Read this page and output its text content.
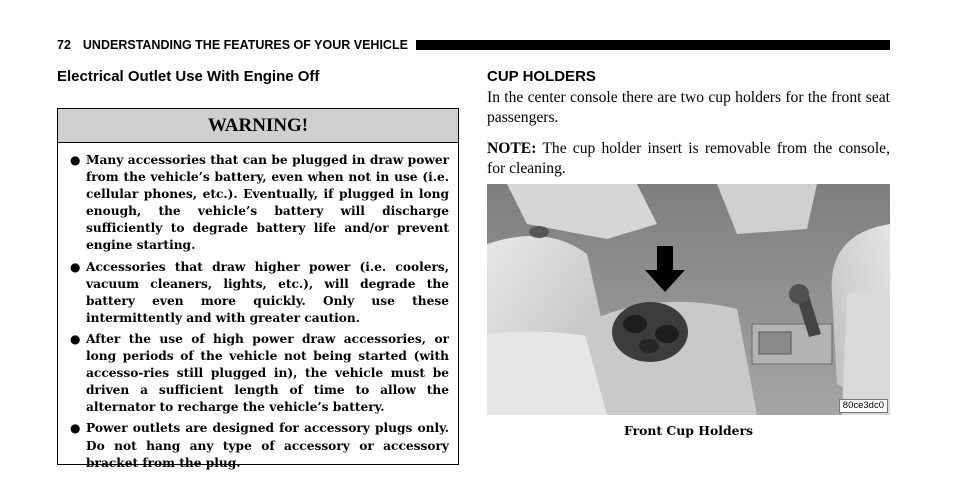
72 UNDERSTANDING THE FEATURES OF YOUR VEHICLE
Electrical Outlet Use With Engine Off
WARNING!
● Many accessories that can be plugged in draw power from the vehicle’s battery, even when not in use (i.e. cellular phones, etc.). Eventually, if plugged in long enough, the vehicle’s battery will discharge sufficiently to degrade battery life and/or prevent engine starting.
● Accessories that draw higher power (i.e. coolers, vacuum cleaners, lights, etc.), will degrade the battery even more quickly. Only use these intermittently and with greater caution.
● After the use of high power draw accessories, or long periods of the vehicle not being started (with accesso-ries still plugged in), the vehicle must be driven a sufficient length of time to allow the alternator to recharge the vehicle’s battery.
● Power outlets are designed for accessory plugs only. Do not hang any type of accessory or accessory bracket from the plug.
CUP HOLDERS

In the center console there are two cup holders for the front seat passengers.

NOTE: The cup holder insert is removable from the console, for cleaning.

80ce3dc0
Front Cup Holders
